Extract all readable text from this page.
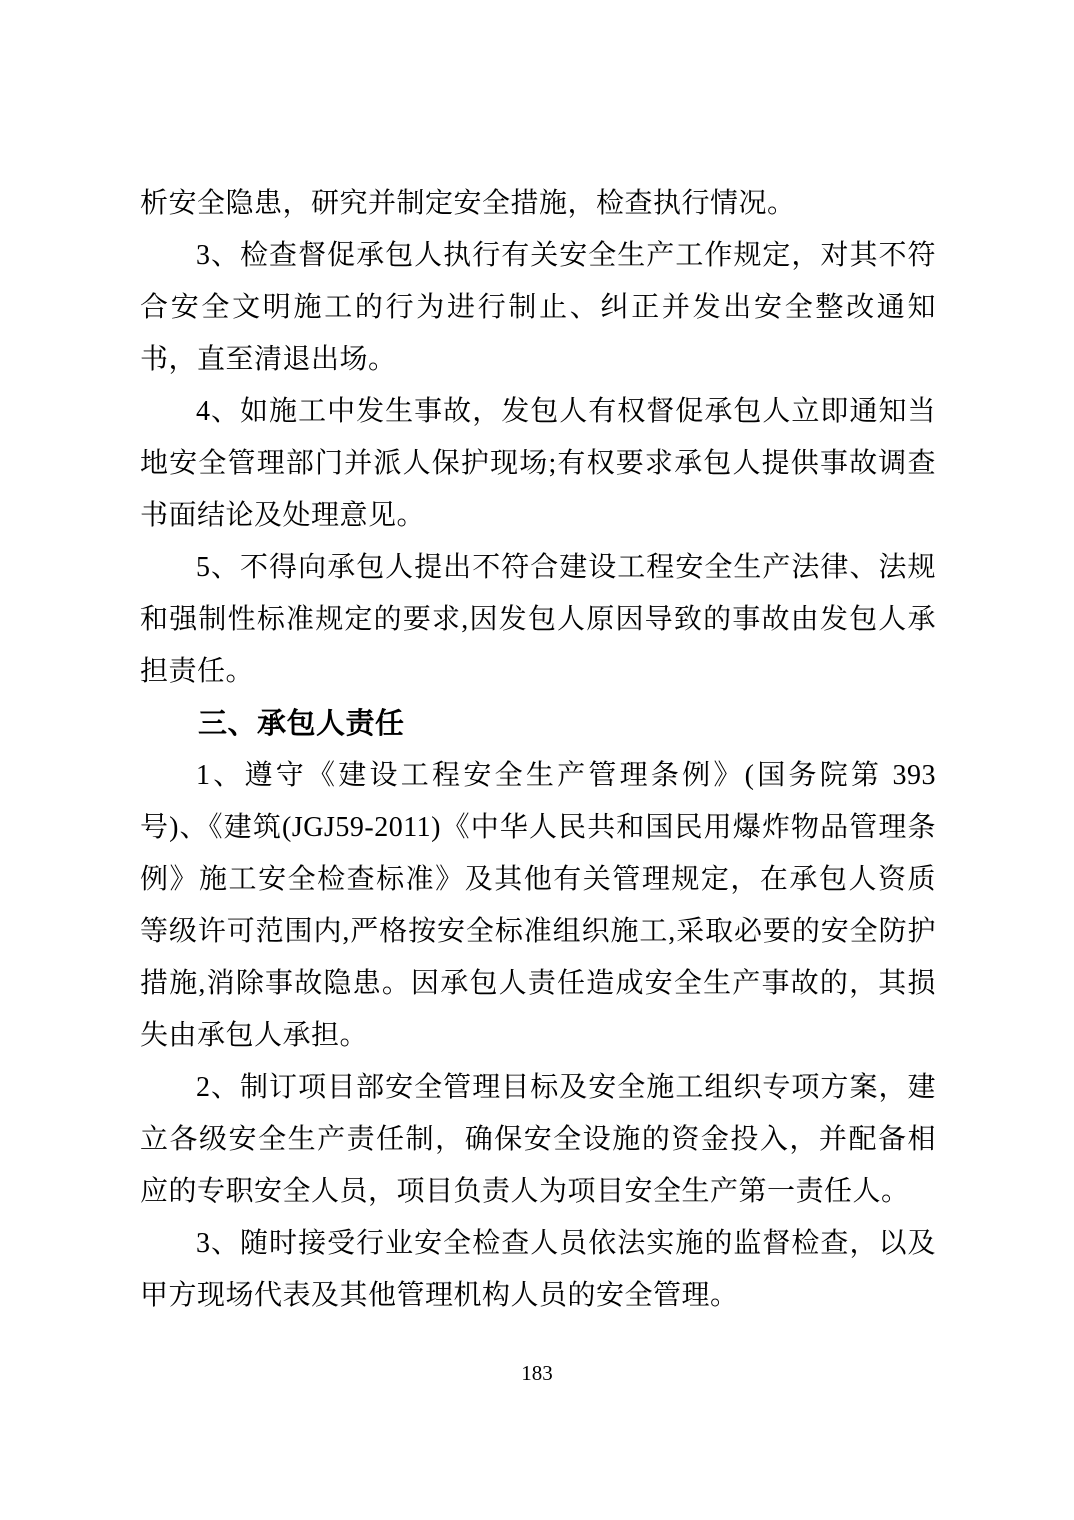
析安全隐患，研究并制定安全措施，检查执行情况。

3、检查督促承包人执行有关安全生产工作规定，对其不符合安全文明施工的行为进行制止、纠正并发出安全整改通知书，直至清退出场。

4、如施工中发生事故，发包人有权督促承包人立即通知当地安全管理部门并派人保护现场;有权要求承包人提供事故调查书面结论及处理意见。

5、不得向承包人提出不符合建设工程安全生产法律、法规和强制性标准规定的要求,因发包人原因导致的事故由发包人承担责任。

三、承包人责任

1、遵守《建设工程安全生产管理条例》(国务院第 393 号)、《建筑(JGJ59-2011)《中华人民共和国民用爆炸物品管理条例》施工安全检查标准》及其他有关管理规定，在承包人资质等级许可范围内,严格按安全标准组织施工,采取必要的安全防护措施,消除事故隐患。因承包人责任造成安全生产事故的，其损失由承包人承担。

2、制订项目部安全管理目标及安全施工组织专项方案，建立各级安全生产责任制，确保安全设施的资金投入，并配备相应的专职安全人员，项目负责人为项目安全生产第一责任人。

3、随时接受行业安全检查人员依法实施的监督检查，以及甲方现场代表及其他管理机构人员的安全管理。

183
